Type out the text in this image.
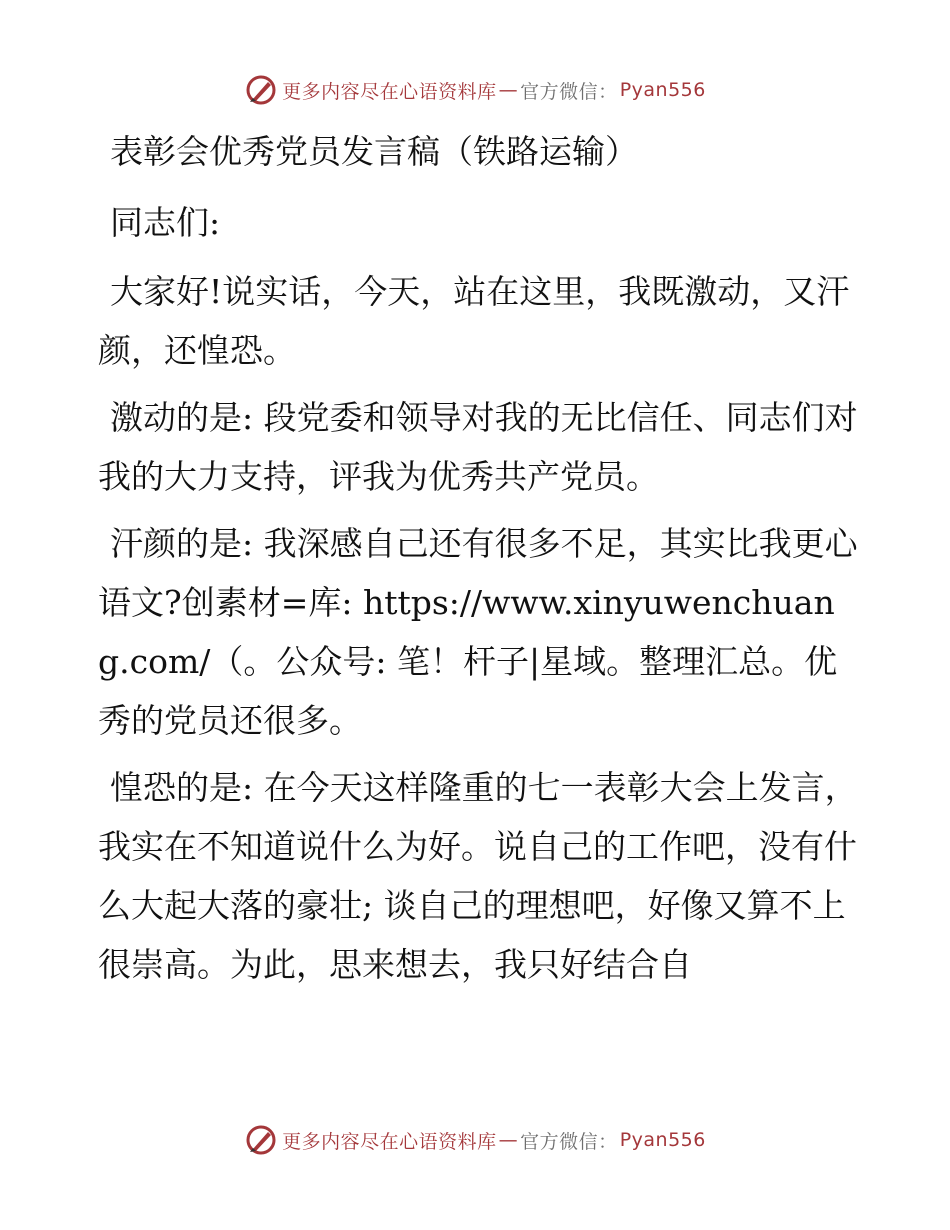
更多内容尽在心语资料库 — 官方微信： Pyan556

表彰会优秀党员发言稿（铁路运输）

同志们:

大家好!说实话，今天，站在这里，我既激动，又汗颜，还惶恐。

激动的是: 段党委和领导对我的无比信任、同志们对我的大力支持，评我为优秀共产党员。

汗颜的是: 我深感自己还有很多不足，其实比我更心语文?创素材=库: https://www.xinyuwenchuang.com/（。公众号: 笔！杆子|星域。整理汇总。优秀的党员还很多。

惶恐的是: 在今天这样隆重的七一表彰大会上发言，我实在不知道说什么为好。说自己的工作吧，没有什么大起大落的豪壮; 谈自己的理想吧，好像又算不上很崇高。为此，思来想去，我只好结合自

更多内容尽在心语资料库 — 官方微信： Pyan556
